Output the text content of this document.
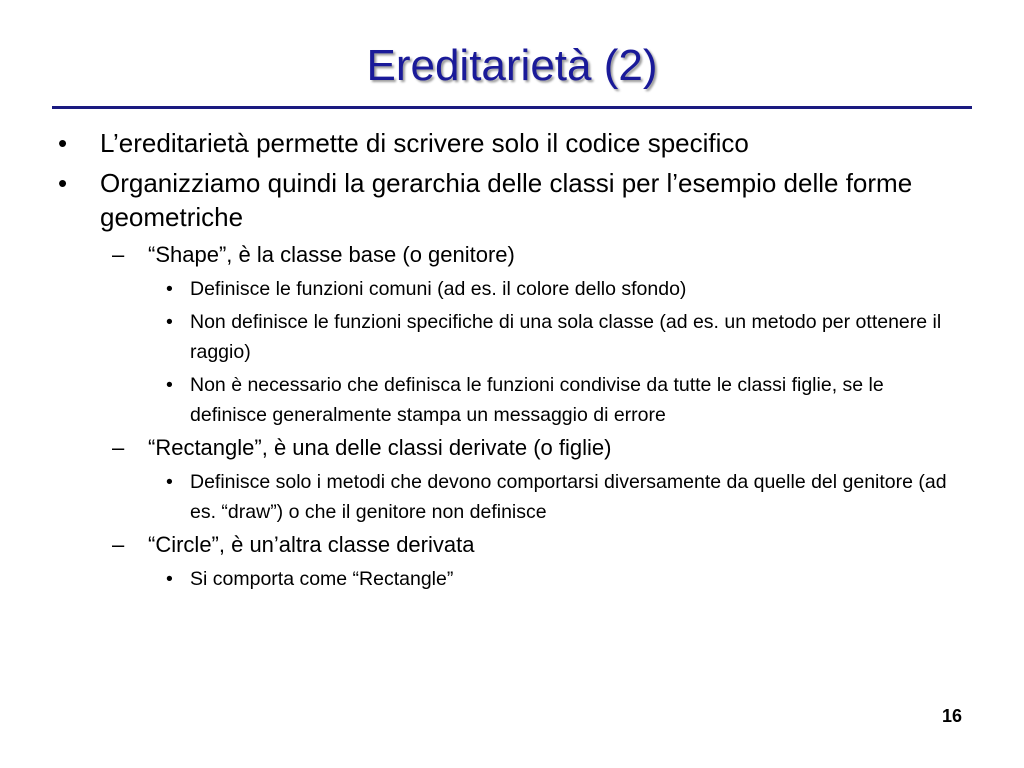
Ereditarietà (2)
• L’ereditarietà permette di scrivere solo il codice specifico
• Organizziamo quindi la gerarchia delle classi per l’esempio delle forme geometriche
– “Shape”, è la classe base (o genitore)
• Definisce le funzioni comuni (ad es. il colore dello sfondo)
• Non definisce le funzioni specifiche di una sola classe (ad es. un metodo per ottenere il raggio)
• Non è necessario che definisca le funzioni condivise da tutte le classi figlie, se le definisce generalmente stampa un messaggio di errore
– “Rectangle”, è una delle classi derivate (o figlie)
• Definisce solo i metodi che devono comportarsi diversamente da quelle del genitore (ad es. “draw”) o che il genitore non definisce
– “Circle”, è un’altra classe derivata
• Si comporta come “Rectangle”
16
